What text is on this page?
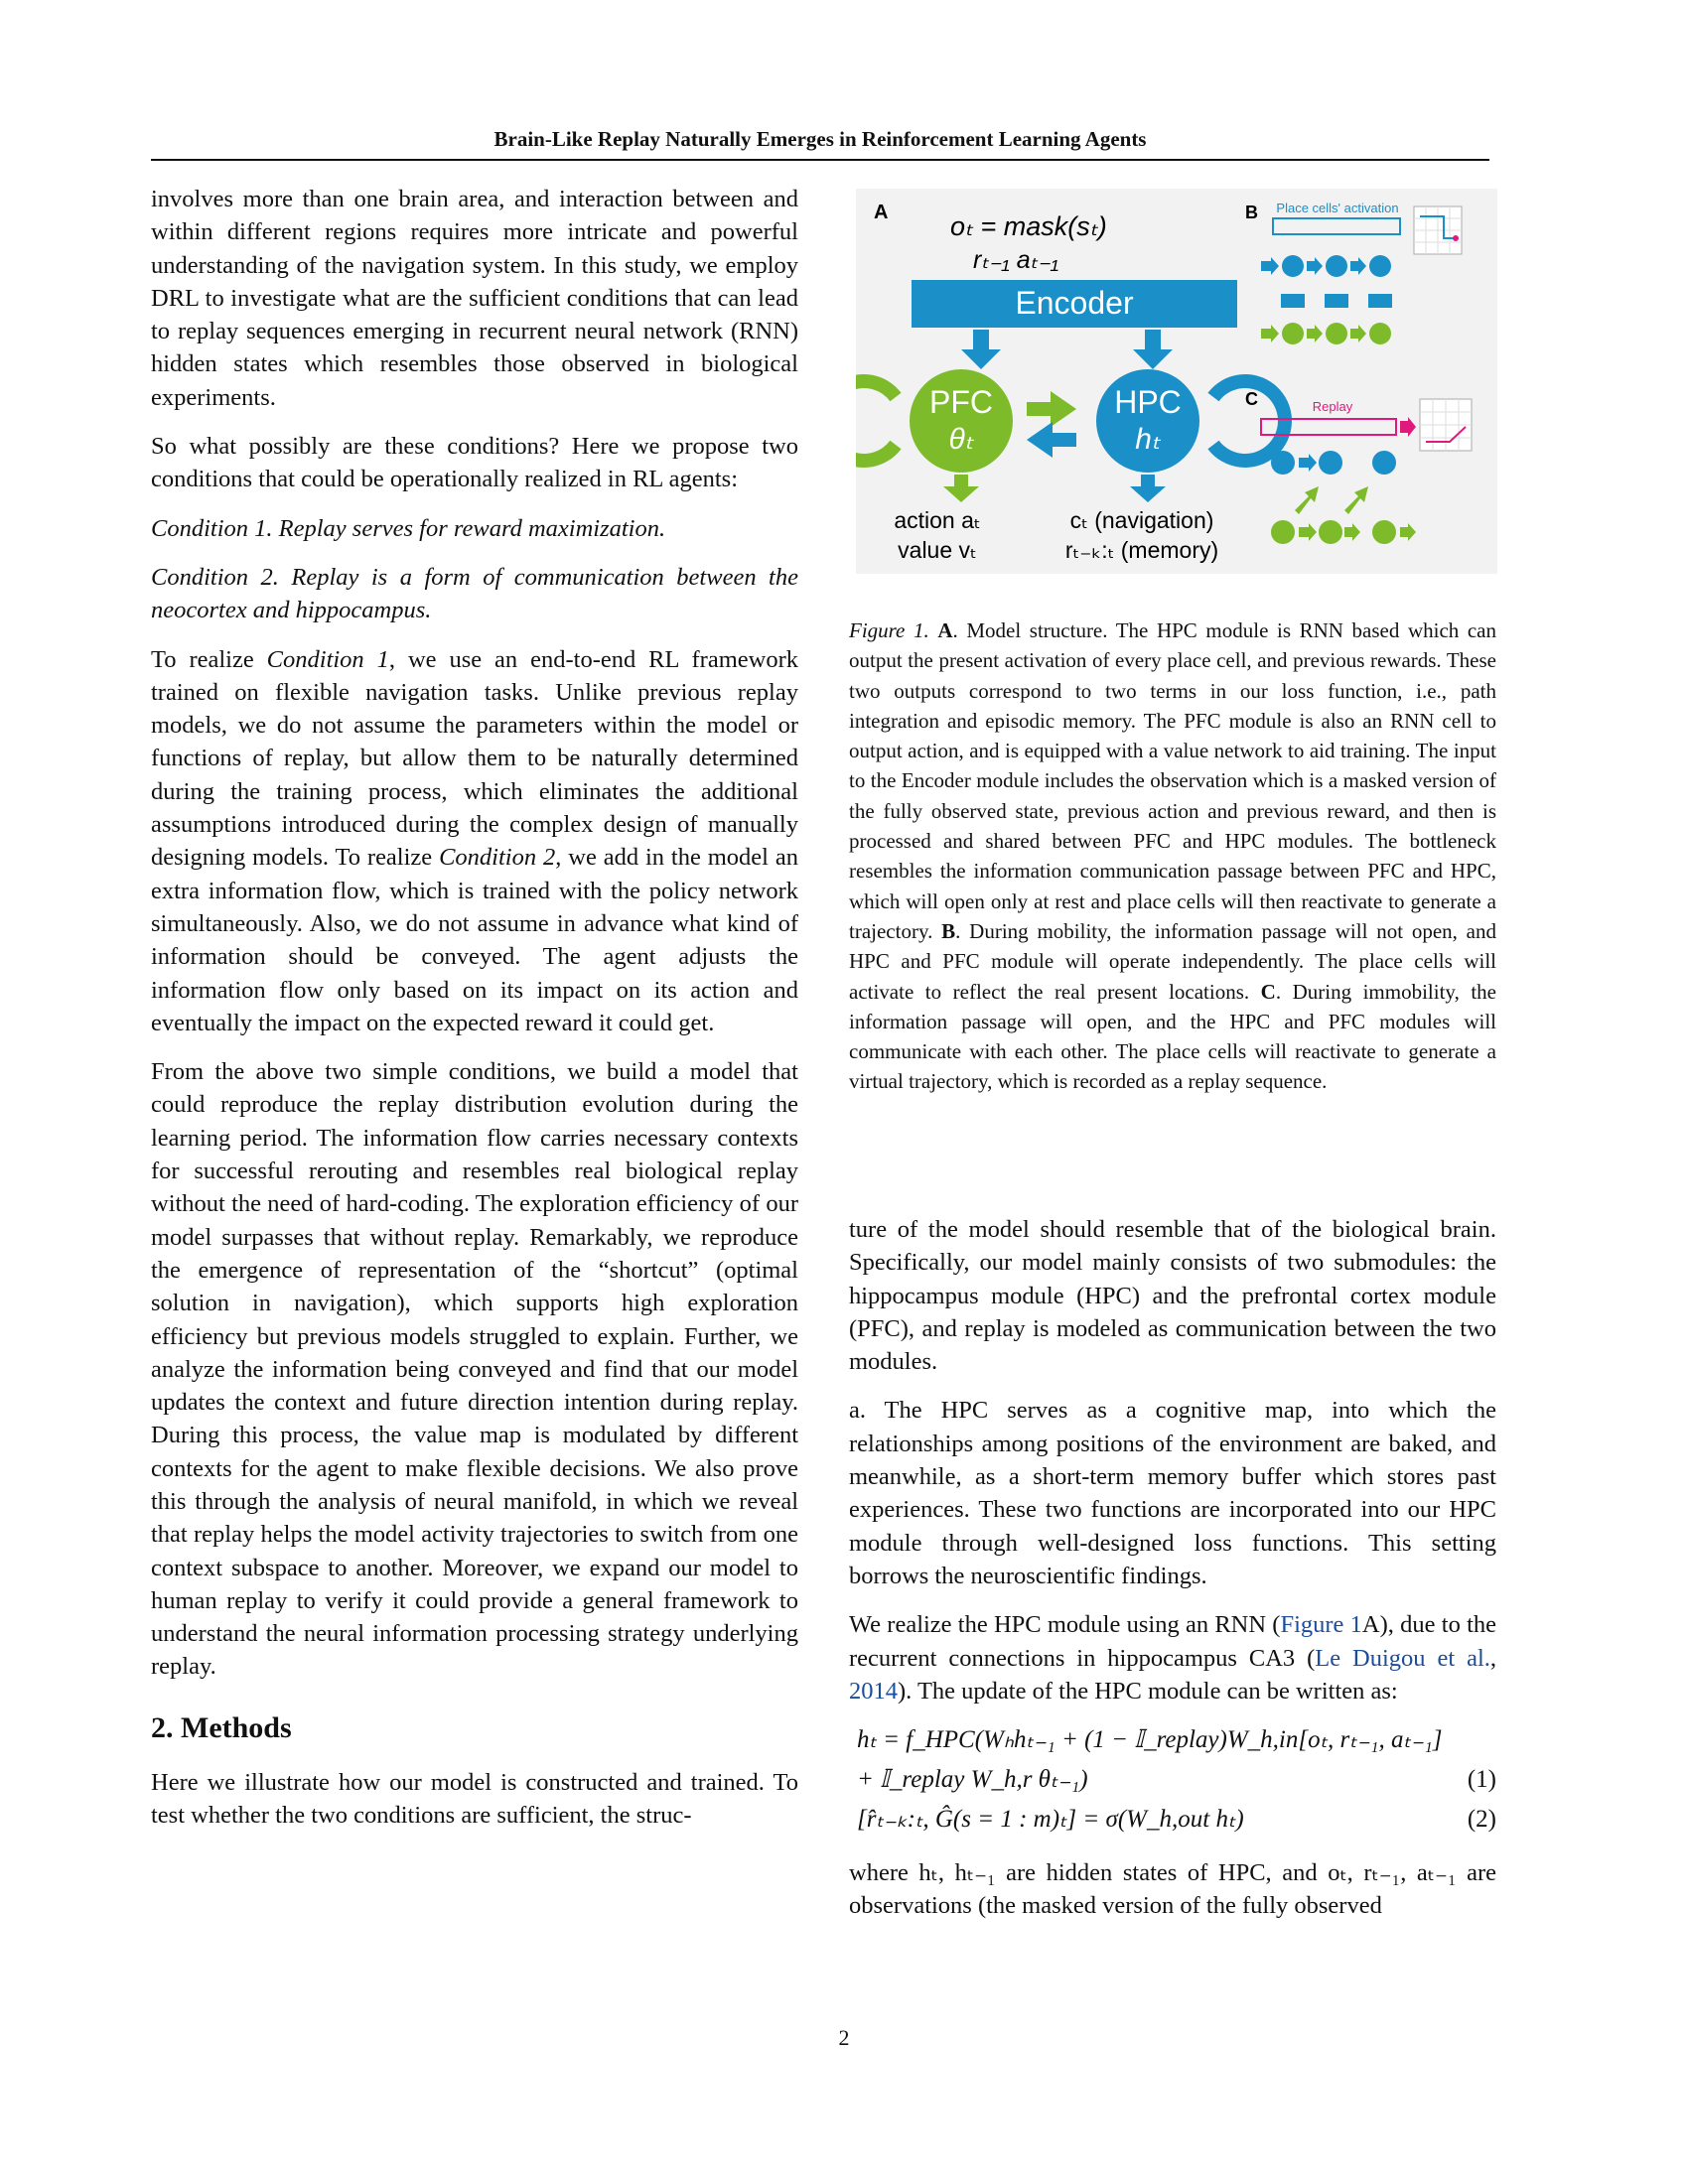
Brain-Like Replay Naturally Emerges in Reinforcement Learning Agents

involves more than one brain area, and interaction between and within different regions requires more intricate and powerful understanding of the navigation system. In this study, we employ DRL to investigate what are the sufficient conditions that can lead to replay sequences emerging in recurrent neural network (RNN) hidden states which resembles those observed in biological experiments.

So what possibly are these conditions? Here we propose two conditions that could be operationally realized in RL agents:

Condition 1. Replay serves for reward maximization.

Condition 2. Replay is a form of communication between the neocortex and hippocampus.

To realize Condition 1, we use an end-to-end RL framework trained on flexible navigation tasks. Unlike previous replay models, we do not assume the parameters within the model or functions of replay, but allow them to be naturally determined during the training process, which eliminates the additional assumptions introduced during the complex design of manually designing models. To realize Condition 2, we add in the model an extra information flow, which is trained with the policy network simultaneously. Also, we do not assume in advance what kind of information should be conveyed. The agent adjusts the information flow only based on its impact on its action and eventually the impact on the expected reward it could get.

From the above two simple conditions, we build a model that could reproduce the replay distribution evolution during the learning period. The information flow carries necessary contexts for successful rerouting and resembles real biological replay without the need of hard-coding. The exploration efficiency of our model surpasses that without replay. Remarkably, we reproduce the emergence of representation of the “shortcut” (optimal solution in navigation), which supports high exploration efficiency but previous models struggled to explain. Further, we analyze the information being conveyed and find that our model updates the context and future direction intention during replay. During this process, the value map is modulated by different contexts for the agent to make flexible decisions. We also prove this through the analysis of neural manifold, in which we reveal that replay helps the model activity trajectories to switch from one context subspace to another. Moreover, we expand our model to human replay to verify it could provide a general framework to understand the neural information processing strategy underlying replay.

2. Methods

Here we illustrate how our model is constructed and trained. To test whether the two conditions are sufficient, the struc-

A oₜ = mask(sₜ)
rₜ₋₁ aₜ₋₁
Encoder
PFC
θₜ
HPC
hₜ
action aₜ
value vₜ
cₜ (navigation)
rₜ₋ₖ:ₜ (memory)
B Place cells' activation
C	Replay
Figure 1. A. Model structure. The HPC module is RNN based which can output the present activation of every place cell, and previous rewards. These two outputs correspond to two terms in our loss function, i.e., path integration and episodic memory. The PFC module is also an RNN cell to output action, and is equipped with a value network to aid training. The input to the Encoder module includes the observation which is a masked version of the fully observed state, previous action and previous reward, and then is processed and shared between PFC and HPC modules. The bottleneck resembles the information communication passage between PFC and HPC, which will open only at rest and place cells will then reactivate to generate a trajectory. B. During mobility, the information passage will not open, and HPC and PFC module will operate independently. The place cells will activate to reflect the real present locations. C. During immobility, the information passage will open, and the HPC and PFC modules will communicate with each other. The place cells will reactivate to generate a virtual trajectory, which is recorded as a replay sequence.

ture of the model should resemble that of the biological brain. Specifically, our model mainly consists of two submodules: the hippocampus module (HPC) and the prefrontal cortex module (PFC), and replay is modeled as communication between the two modules.

a. The HPC serves as a cognitive map, into which the relationships among positions of the environment are baked, and meanwhile, as a short-term memory buffer which stores past experiences. These two functions are incorporated into our HPC module through well-designed loss functions. This setting borrows the neuroscientific findings.

We realize the HPC module using an RNN (Figure 1A), due to the recurrent connections in hippocampus CA3 (Le Duigou et al., 2014). The update of the HPC module can be written as:

hₜ = f_HPC(Wₕhₜ₋₁ + (1 − 𝕀_replay)W_h,in[oₜ, rₜ₋₁, aₜ₋₁]
+ 𝕀_replay W_h,r θₜ₋₁)	(1)
[r̂ₜ₋ₖ:ₜ, Ĝ(s = 1 : m)ₜ] = σ(W_h,out hₜ)	(2)

where hₜ, hₜ₋₁ are hidden states of HPC, and oₜ, rₜ₋₁, aₜ₋₁ are observations (the masked version of the fully observed

2
